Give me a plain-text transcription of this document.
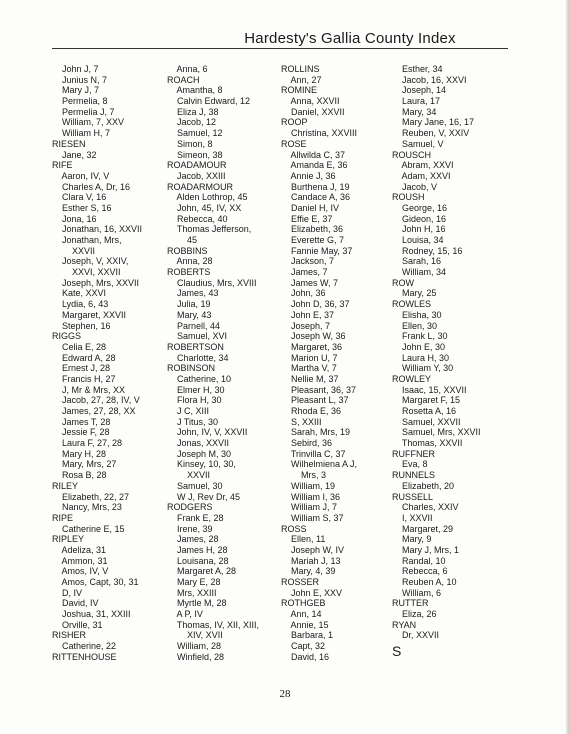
Hardesty's Gallia County Index
John J, 7
Junius N, 7
Mary J, 7
Permelia, 8
Permelia J, 7
William, 7, XXV
William H, 7
RIESEN
Jane, 32
RIFE
Aaron, IV, V
Charles A, Dr, 16
Clara V, 16
Esther S, 16
Jona, 16
Jonathan, 16, XXVII
Jonathan, Mrs,
XXVII
Joseph, V, XXIV,
XXVI, XXVII
Joseph, Mrs, XXVII
Kate, XXVI
Lydia, 6, 43
Margaret, XXVII
Stephen, 16
RIGGS
Celia E, 28
Edward A, 28
Ernest J, 28
Francis H, 27
J, Mr & Mrs, XX
Jacob, 27, 28, IV, V
James, 27, 28, XX
James T, 28
Jessie F, 28
Laura F, 27, 28
Mary H, 28
Mary, Mrs, 27
Rosa B, 28
RILEY
Elizabeth, 22, 27
Nancy, Mrs, 23
RIPE
Catherine E, 15
RIPLEY
Adeliza, 31
Ammon, 31
Amos, IV, V
Amos, Capt, 30, 31
D, IV
David, IV
Joshua, 31, XXIII
Orville, 31
RISHER
Catherine, 22
RITTENHOUSE
Anna, 6
ROACH
Amantha, 8
Calvin Edward, 12
Eliza J, 38
Jacob, 12
Samuel, 12
Simon, 8
Simeon, 38
ROADAMOUR
Jacob, XXIII
ROADARMOUR
Alden Lothrop, 45
John, 45, IV, XX
Rebecca, 40
Thomas Jefferson,
45
ROBBINS
Anna, 28
ROBERTS
Claudius, Mrs, XVIII
James, 43
Julia, 19
Mary, 43
Parnell, 44
Samuel, XVI
ROBERTSON
Charlotte, 34
ROBINSON
Catherine, 10
Elmer H, 30
Flora H, 30
J C, XIII
J Titus, 30
John, IV, V, XXVII
Jonas, XXVII
Joseph M, 30
Kinsey, 10, 30,
XXVII
Samuel, 30
W J, Rev Dr, 45
RODGERS
Frank E, 28
Irene, 39
James, 28
James H, 28
Louisana, 28
Margaret A, 28
Mary E, 28
Mrs, XXIII
Myrtle M, 28
A P, IV
Thomas, IV, XII, XIII,
XIV, XVII
William, 28
Winfield, 28
ROLLINS
Ann, 27
ROMINE
Anna, XXVII
Daniel, XXVII
ROOP
Christina, XXVIII
ROSE
Allwilda C, 37
Amanda E, 36
Annie J, 36
Burthena J, 19
Candace A, 36
Daniel H, IV
Effie E, 37
Elizabeth, 36
Everette G, 7
Fannie May, 37
Jackson, 7
James, 7
James W, 7
John, 36
John D, 36, 37
John E, 37
Joseph, 7
Joseph W, 36
Margaret, 36
Marion U, 7
Martha V, 7
Nellie M, 37
Pleasant, 36, 37
Pleasant L, 37
Rhoda E, 36
S, XXIII
Sarah, Mrs, 19
Sebird, 36
Trinvilla C, 37
Wilhelmiena A J,
Mrs, 3
William, 19
William I, 36
William J, 7
William S, 37
ROSS
Ellen, 11
Joseph W, IV
Mariah J, 13
Mary, 4, 39
ROSSER
John E, XXV
ROTHGEB
Ann, 14
Annie, 15
Barbara, 1
Capt, 32
David, 16
Esther, 34
Jacob, 16, XXVI
Joseph, 14
Laura, 17
Mary, 34
Mary Jane, 16, 17
Reuben, V, XXIV
Samuel, V
ROUSCH
Abram, XXVI
Adam, XXVI
Jacob, V
ROUSH
George, 16
Gideon, 16
John H, 16
Louisa, 34
Rodney, 15, 16
Sarah, 16
William, 34
ROW
Mary, 25
ROWLES
Elisha, 30
Ellen, 30
Frank L, 30
John E, 30
Laura H, 30
William Y, 30
ROWLEY
Isaac, 15, XXVII
Margaret F, 15
Rosetta A, 16
Samuel, XXVII
Samuel, Mrs, XXVII
Thomas, XXVII
RUFFNER
Eva, 8
RUNNELS
Elizabeth, 20
RUSSELL
Charles, XXIV
I, XXVII
Margaret, 29
Mary, 9
Mary J, Mrs, 1
Randal, 10
Rebecca, 6
Reuben A, 10
William, 6
RUTTER
Eliza, 26
RYAN
Dr, XXVII
S
28
